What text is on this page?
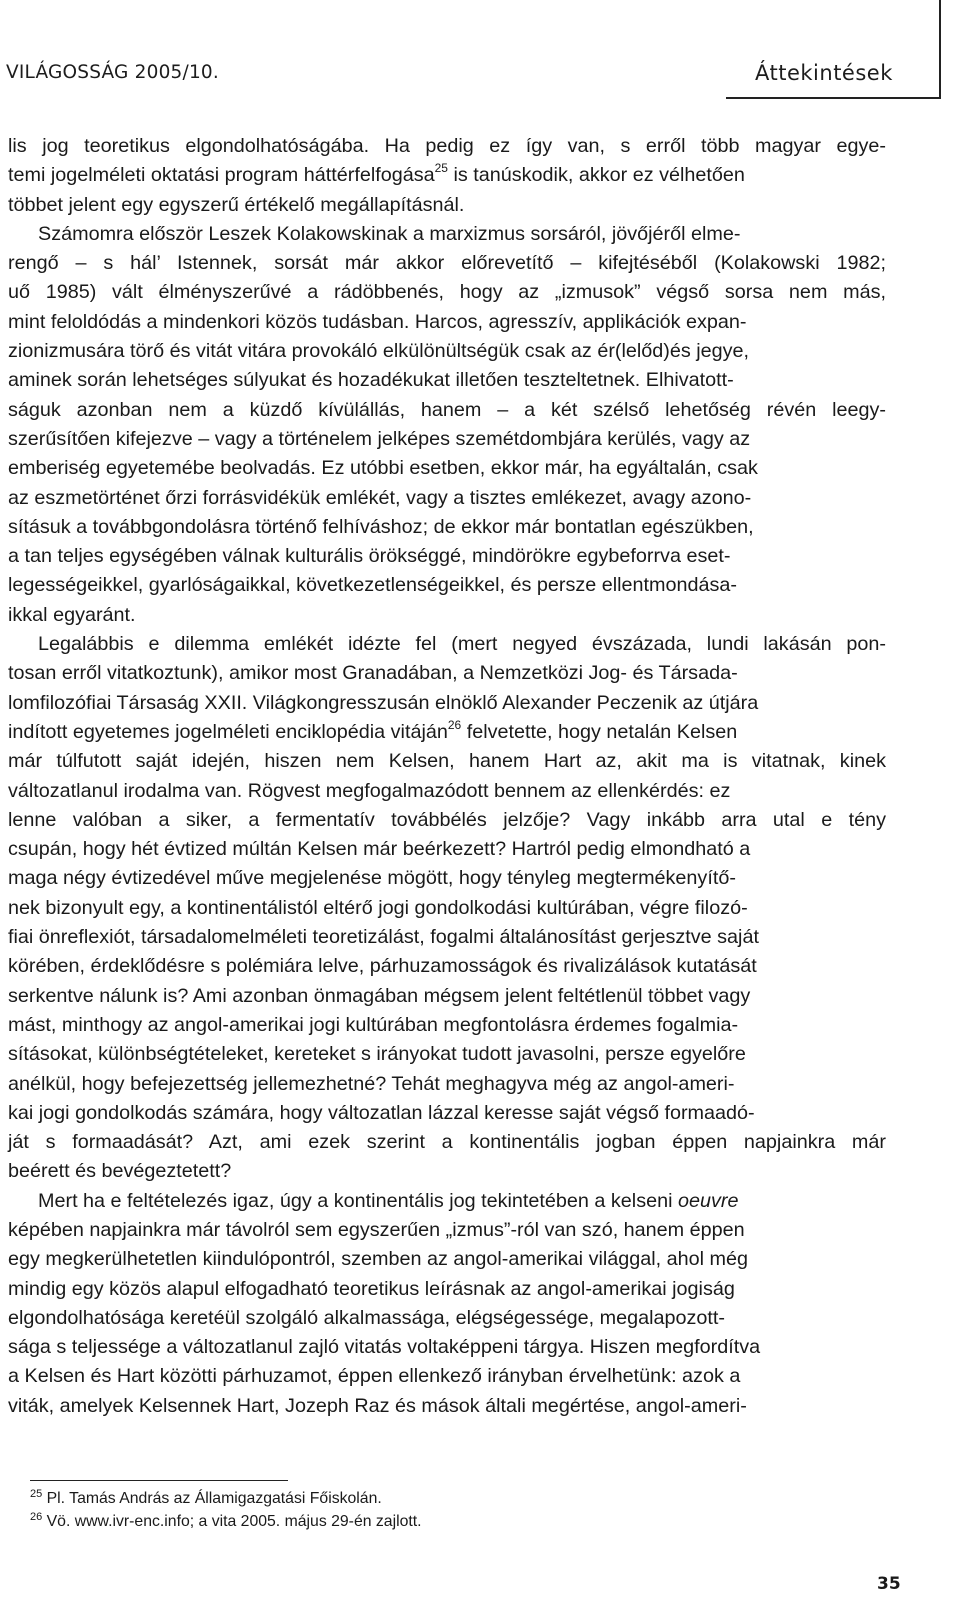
VILÁGOSSÁG 2005/10.	Áttekintések
lis jog teoretikus elgondolhatóságába. Ha pedig ez így van, s erről több magyar egye-
temi jogelméleti oktatási program háttérfelfogása$^{25}$ is tanúskodik, akkor ez vélhetően
többet jelent egy egyszerű értékelő megállapításnál.
Számomra először Leszek Kolakowskinak a marxizmus sorsáról, jövőjéről elme-
rengő – s hál’ Istennek, sorsát már akkor előrevetítő – kifejtéséből (Kolakowski 1982;
uő 1985) vált élményszerűvé a rádöbbenés, hogy az „izmusok” végső sorsa nem más,
mint feloldódás a mindenkori közös tudásban. Harcos, agresszív, applikációk expan-
zionizmusára törő és vitát vitára provokáló elkülönültségük csak az ér(lelőd)és jegye,
aminek során lehetséges súlyukat és hozadékukat illetően teszteltetnek. Elhivatott-
ságuk azonban nem a küzdő kívülállás, hanem – a két szélső lehetőség révén leegy-
szerűsítően kifejezve – vagy a történelem jelképes szemétdombjára kerülés, vagy az
emberiség egyetemébe beolvadás. Ez utóbbi esetben, ekkor már, ha egyáltalán, csak
az eszmetörténet őrzi forrásvidékük emlékét, vagy a tisztes emlékezet, avagy azono-
sításuk a továbbgondolásra történő felhíváshoz; de ekkor már bontatlan egészükben,
a tan teljes egységében válnak kulturális örökséggé, mindörökre egybeforrva eset-
legességeikkel, gyarlóságaikkal, következetlenségeikkel, és persze ellentmondása-
ikkal egyaránt.
Legalábbis e dilemma emlékét idézte fel (mert negyed évszázada, lundi lakásán pon-
tosan erről vitatkoztunk), amikor most Granadában, a Nemzetközi Jog- és Társada-
lomfilozófiai Társaság XXII. Világkongresszusán elnöklő Alexander Peczenik az útjára
indított egyetemes jogelméleti enciklopédia vitáján$^{26}$ felvetette, hogy netalán Kelsen
már túlfutott saját idején, hiszen nem Kelsen, hanem Hart az, akit ma is vitatnak, kinek
változatlanul irodalma van. Rögvest megfogalmazódott bennem az ellenkérdés: ez
lenne valóban a siker, a fermentatív továbbélés jelzője? Vagy inkább arra utal e tény
csupán, hogy hét évtized múltán Kelsen már beérkezett? Hartról pedig elmondható a
maga négy évtizedével műve megjelenése mögött, hogy tényleg megtermékenyítő-
nek bizonyult egy, a kontinentálistól eltérő jogi gondolkodási kultúrában, végre filozó-
fiai önreflexiót, társadalomelméleti teoretizálást, fogalmi általánosítást gerjesztve saját
körében, érdeklődésre s polémiára lelve, párhuzamosságok és rivalizálások kutatását
serkentve nálunk is? Ami azonban önmagában mégsem jelent feltétlenül többet vagy
mást, minthogy az angol-amerikai jogi kultúrában megfontolásra érdemes fogalmia-
sításokat, különbségtételeket, kereteket s irányokat tudott javasolni, persze egyelőre
anélkül, hogy befejezettség jellemezhetné? Tehát meghagyva még az angol-ameri-
kai jogi gondolkodás számára, hogy változatlan lázzal keresse saját végső formaadó-
ját s formaadását? Azt, ami ezek szerint a kontinentális jogban éppen napjainkra már
beérett és bevégeztetett?
Mert ha e feltételezés igaz, úgy a kontinentális jog tekintetében a kelseni oeuvre
képében napjainkra már távolról sem egyszerűen „izmus”-ról van szó, hanem éppen
egy megkerülhetetlen kiindulópontról, szemben az angol-amerikai világgal, ahol még
mindig egy közös alapul elfogadható teoretikus leírásnak az angol-amerikai jogiság
elgondolhatósága keretéül szolgáló alkalmassága, elégségessége, megalapozott-
sága s teljessége a változatlanul zajló vitatás voltaképpeni tárgya. Hiszen megfordítva
a Kelsen és Hart közötti párhuzamot, éppen ellenkező irányban érvelhetünk: azok a
viták, amelyek Kelsennek Hart, Jozeph Raz és mások általi megértése, angol-ameri-
$^{25}$ Pl. Tamás András az Államigazgatási Főiskolán.
$^{26}$ Vö. www.ivr-enc.info; a vita 2005. május 29-én zajlott.
35
